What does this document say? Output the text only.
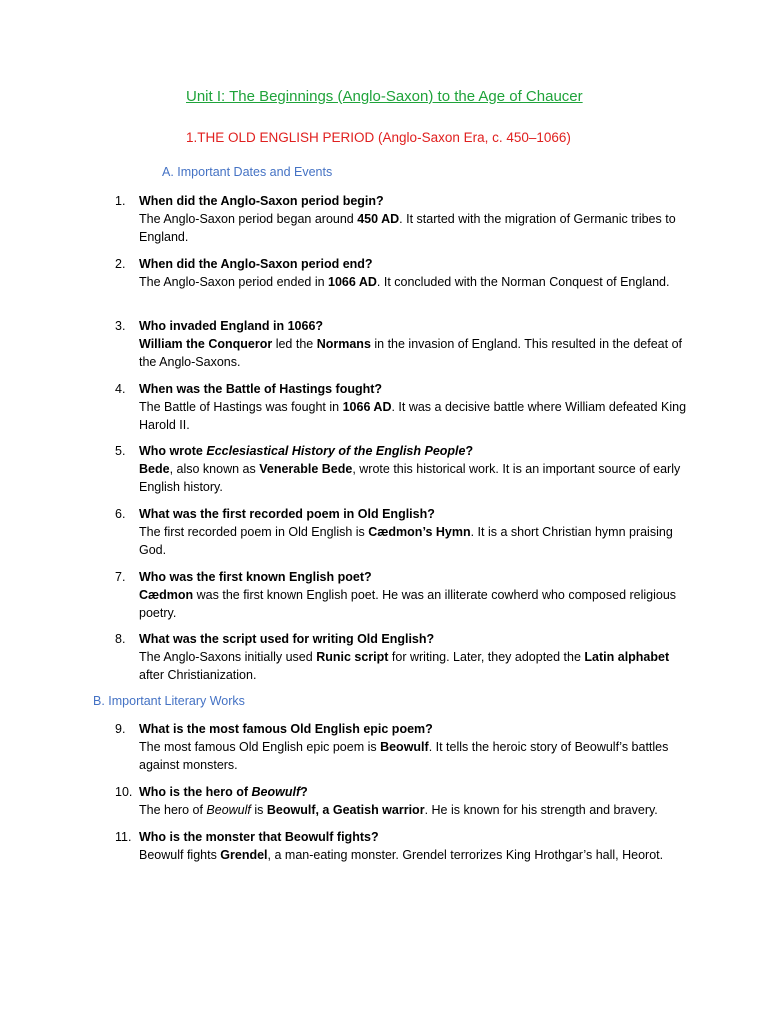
Unit I: The Beginnings (Anglo-Saxon) to the Age of Chaucer
1.THE OLD ENGLISH PERIOD (Anglo-Saxon Era, c. 450–1066)
A. Important Dates and Events
B. Important Literary Works
1.	When did the Anglo-Saxon period begin?
The Anglo-Saxon period began around 450 AD. It started with the migration of Germanic tribes to England.
2.	When did the Anglo-Saxon period end?
The Anglo-Saxon period ended in 1066 AD. It concluded with the Norman Conquest of England.
3.	Who invaded England in 1066?
William the Conqueror led the Normans in the invasion of England. This resulted in the defeat of the Anglo-Saxons.
4.	When was the Battle of Hastings fought?
The Battle of Hastings was fought in 1066 AD. It was a decisive battle where William defeated King Harold II.
5.	Who wrote Ecclesiastical History of the English People?
Bede, also known as Venerable Bede, wrote this historical work. It is an important source of early English history.
6.	What was the first recorded poem in Old English?
The first recorded poem in Old English is Cædmon’s Hymn. It is a short Christian hymn praising God.
7.	Who was the first known English poet?
Cædmon was the first known English poet. He was an illiterate cowherd who composed religious poetry.
8.	What was the script used for writing Old English?
The Anglo-Saxons initially used Runic script for writing. Later, they adopted the Latin alphabet after Christianization.
9.	What is the most famous Old English epic poem?
The most famous Old English epic poem is Beowulf. It tells the heroic story of Beowulf’s battles against monsters.
10. Who is the hero of Beowulf?
The hero of Beowulf is Beowulf, a Geatish warrior. He is known for his strength and bravery.
11. Who is the monster that Beowulf fights?
Beowulf fights Grendel, a man-eating monster. Grendel terrorizes King Hrothgar’s hall, Heorot.
